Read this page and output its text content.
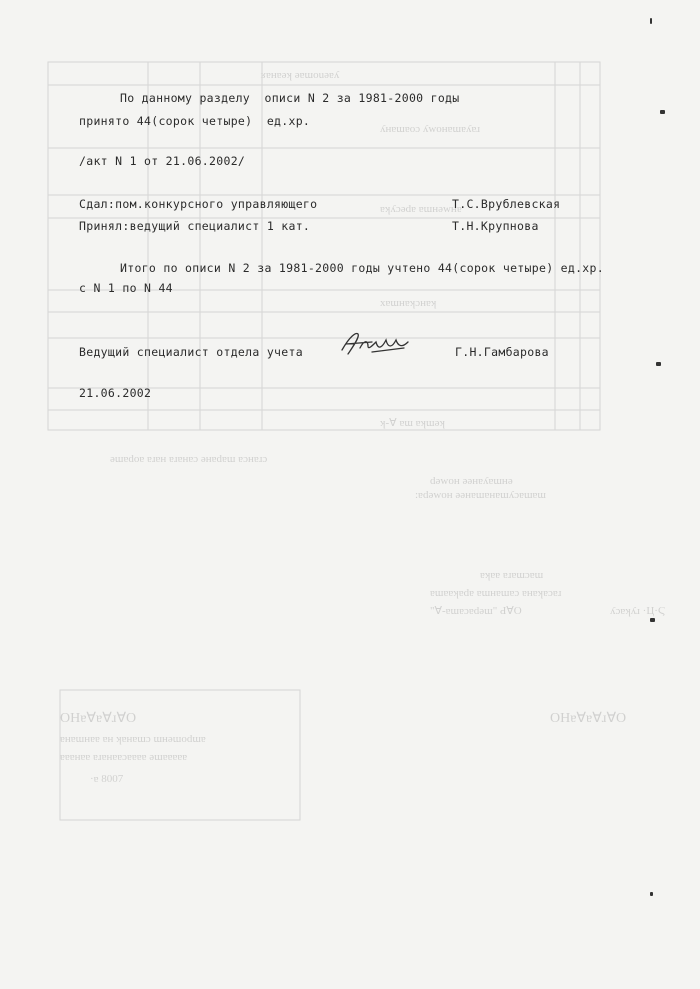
ʁɐнɐǝʞ ǝɐɯоuǝɐʎ
ʎнɐɯɐоɔ ʎwонɐɯɐʎɐɹ
ɐʞʎɔǝdɐ ɐɯнǝwнɐ
хɐɯнɐʞɔнɐʞ
ʞ-∀ ɐɯ ɐʞɯǝʞ
ǝɯɐdоɐ ɐɹɐн ɐɹɐнɐɔ ǝнɐdɐɯ ɐɔнɐɹɔ
dǝwон ǝǝнɐʎɐɯнǝ
:ɐdǝwон ǝǝнɐɯɐнɐɯʎɔɐɯɐɯ
ɐʞɐɐ ɐɹɐɯɔɐɯ
ɐɯɐɐʞɐdɐ ɐɯнɐɯɐɔ ɐнɐʞɐɔɐɹ
"∀-ɐɯɐɔɐdǝɯ" Ԁ∀О	ʎɔɐʞʎɹ ·Ц·Ϛ
ОНɐ∀ɐ∀ɹ∀О	ОНɐ∀ɐ∀ɹ∀О
ɐнɐɯнɐɐ ɐн ʞɐнɐɯɔ ɯнǝɯоdɯɐ
ɐɐɐнɐɐ ɐɹɐнɐɐɔɐɐɐɐ ǝɯɐɐɐɐɐ
·ɐ 8007
По данному разделу  описи N 2 за 1981-2000 годы
принято 44(сорок четыре)  ед.хр.
/акт N 1 от 21.06.2002/
Сдал:пом.конкурсного управляющего	Т.С.Врублевская
Принял:ведущий специалист 1 кат.	Т.Н.Крупнова
Итого по описи N 2 за 1981-2000 годы учтено 44(сорок четыре) ед.хр.
с N 1 по N 44
Ведущий специалист отдела учета	Г.Н.Гамбарова
21.06.2002
